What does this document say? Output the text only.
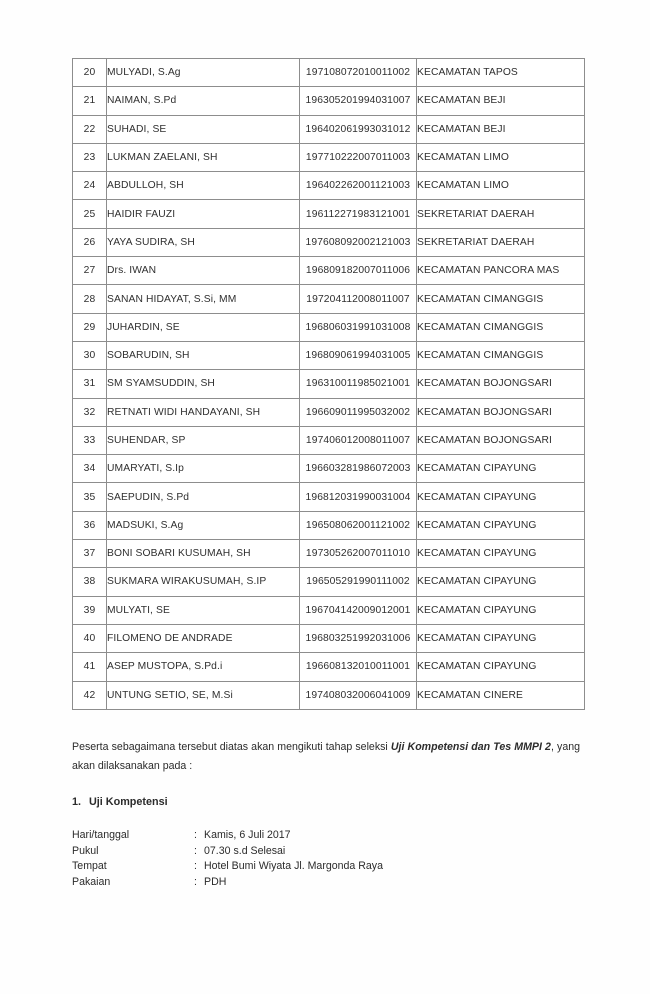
20	MULYADI, S.Ag	197108072010011002	KECAMATAN TAPOS
21	NAIMAN, S.Pd	196305201994031007	KECAMATAN BEJI
22	SUHADI, SE	196402061993031012	KECAMATAN BEJI
23	LUKMAN ZAELANI, SH	197710222007011003	KECAMATAN LIMO
24	ABDULLOH, SH	196402262001121003	KECAMATAN LIMO
25	HAIDIR FAUZI	196112271983121001	SEKRETARIAT DAERAH
26	YAYA SUDIRA, SH	197608092002121003	SEKRETARIAT DAERAH
27	Drs. IWAN	196809182007011006	KECAMATAN PANCORA MAS
28	SANAN HIDAYAT, S.Si, MM	197204112008011007	KECAMATAN CIMANGGIS
29	JUHARDIN, SE	196806031991031008	KECAMATAN CIMANGGIS
30	SOBARUDIN, SH	196809061994031005	KECAMATAN CIMANGGIS
31	SM SYAMSUDDIN, SH	196310011985021001	KECAMATAN BOJONGSARI
32	RETNATI WIDI HANDAYANI, SH	196609011995032002	KECAMATAN BOJONGSARI
33	SUHENDAR, SP	197406012008011007	KECAMATAN BOJONGSARI
34	UMARYATI, S.Ip	196603281986072003	KECAMATAN CIPAYUNG
35	SAEPUDIN, S.Pd	196812031990031004	KECAMATAN CIPAYUNG
36	MADSUKI, S.Ag	196508062001121002	KECAMATAN CIPAYUNG
37	BONI SOBARI KUSUMAH, SH	197305262007011010	KECAMATAN CIPAYUNG
38	SUKMARA WIRAKUSUMAH, S.IP	196505291990111002	KECAMATAN CIPAYUNG
39	MULYATI, SE	196704142009012001	KECAMATAN CIPAYUNG
40	FILOMENO DE ANDRADE	196803251992031006	KECAMATAN CIPAYUNG
41	ASEP MUSTOPA, S.Pd.i	196608132010011001	KECAMATAN CIPAYUNG
42	UNTUNG SETIO, SE, M.Si	197408032006041009	KECAMATAN CINERE

Peserta sebagaimana tersebut diatas akan mengikuti tahap seleksi Uji Kompetensi dan Tes MMPI 2, yang akan dilaksanakan pada :

1. Uji Kompetensi
Hari/tanggal	: Kamis, 6 Juli 2017
Pukul	: 07.30 s.d Selesai
Tempat	: Hotel Bumi Wiyata Jl. Margonda Raya
Pakaian	: PDH
